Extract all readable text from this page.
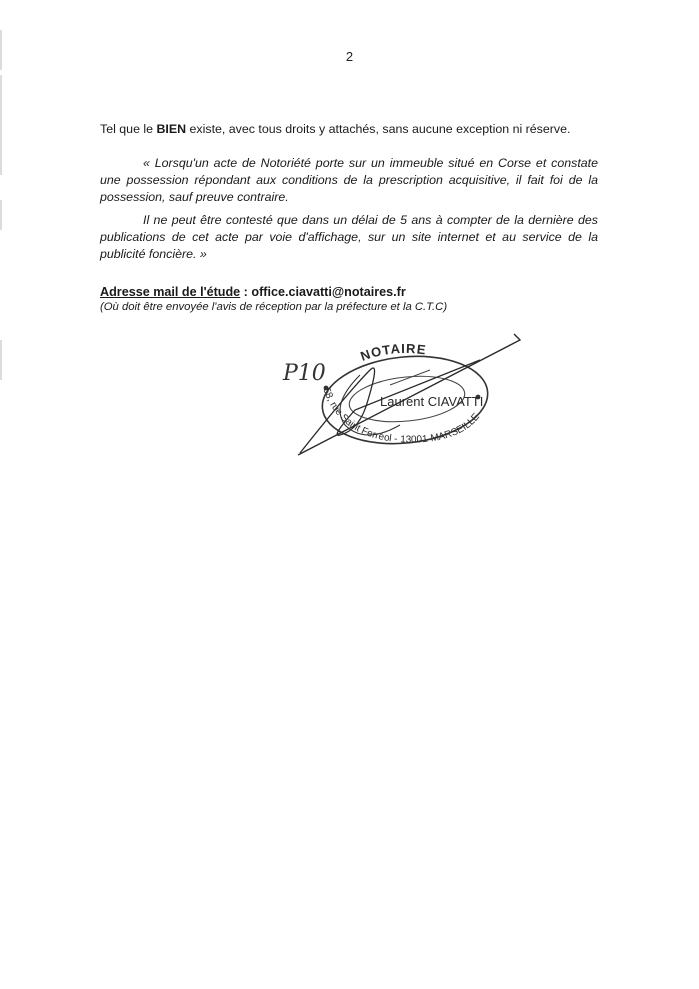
2
Tel que le BIEN existe, avec tous droits y attachés, sans aucune exception ni réserve.
« Lorsqu'un acte de Notoriété porte sur un immeuble situé en Corse et constate une possession répondant aux conditions de la prescription acquisitive, il fait foi de la possession, sauf preuve contraire.
Il ne peut être contesté que dans un délai de 5 ans à compter de la dernière des publications de cet acte par voie d'affichage, sur un site internet et au service de la publicité foncière. »
Adresse mail de l'étude : office.ciavatti@notaires.fr
(Où doit être envoyée l'avis de réception par la préfecture et la C.T.C)
NOTAIRE
Laurent CIAVATTI
58, rue Saint Ferréol - 13001 MARSEILLE
P10
